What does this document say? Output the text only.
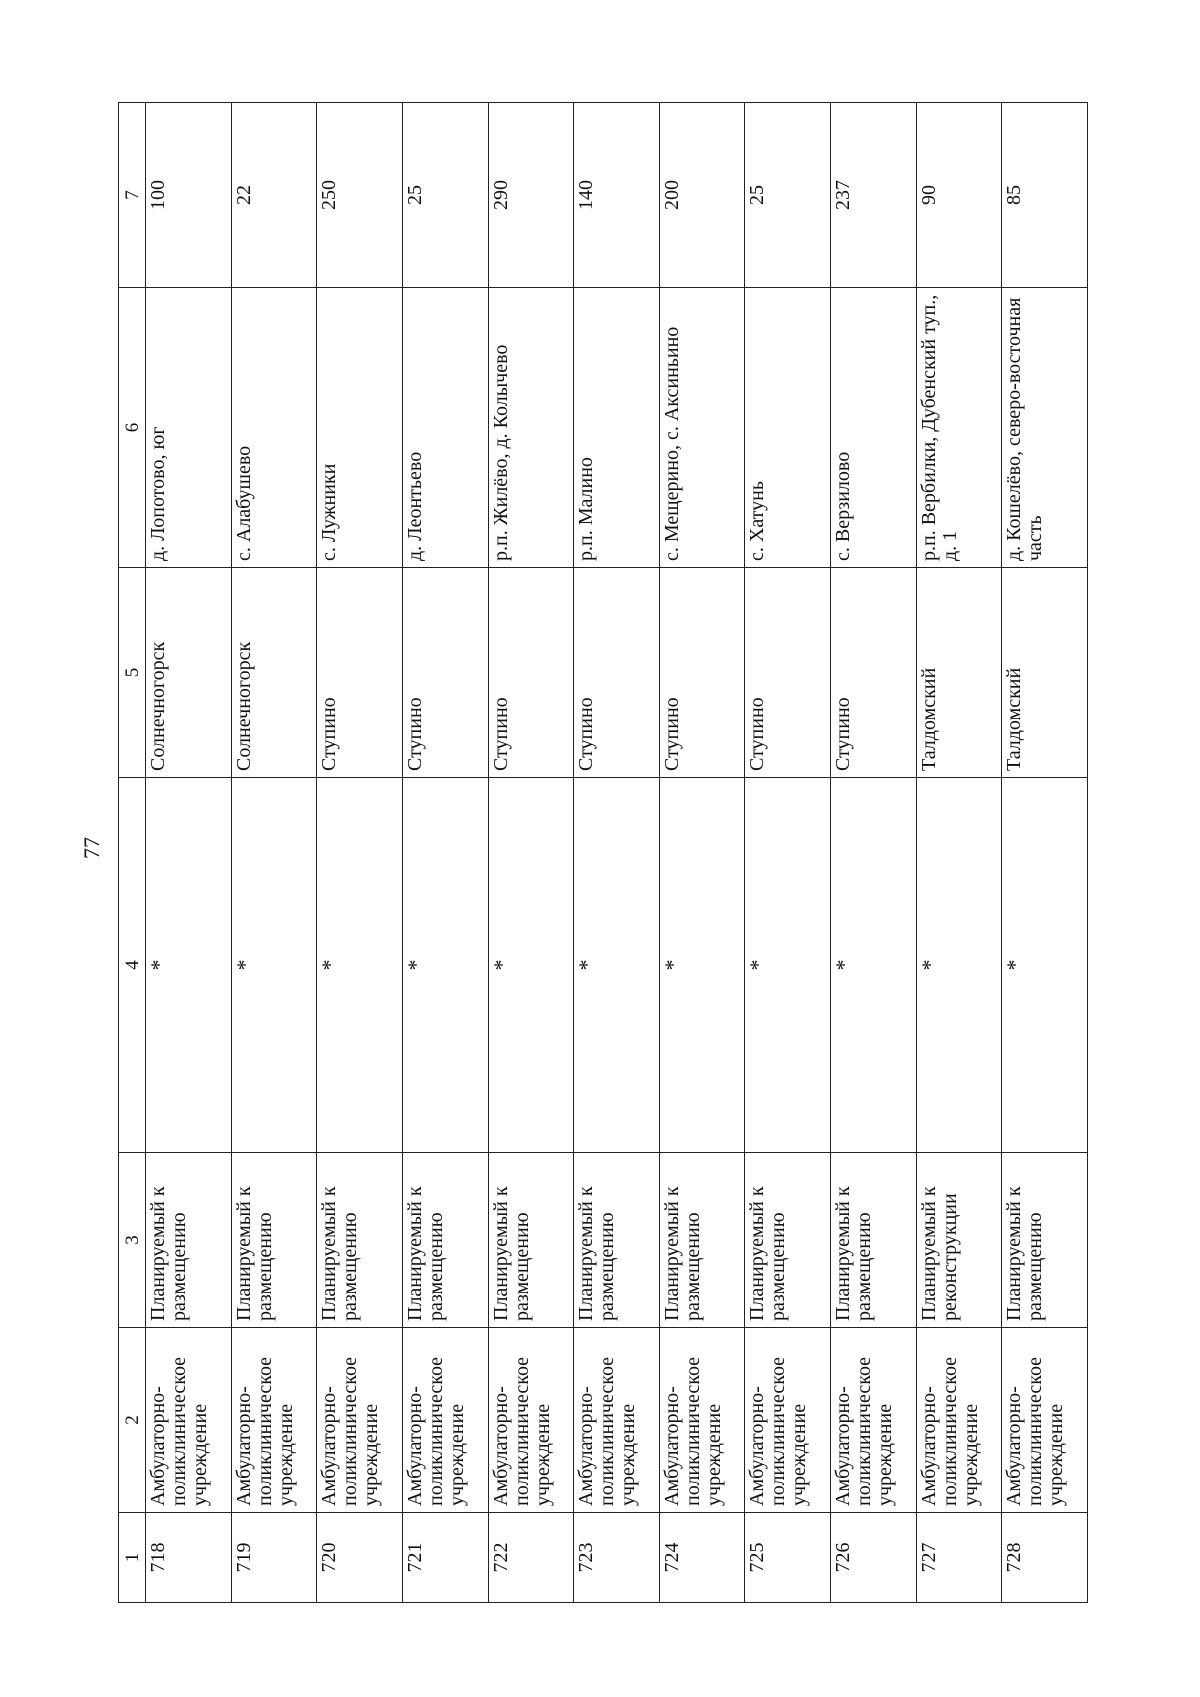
77
1	2	3	4	5	6	7
718	Амбулаторно-поликлиническое учреждение	Планируемый к размещению	*	Солнечногорск	д. Лопотово, юг	100
719	Амбулаторно-поликлиническое учреждение	Планируемый к размещению	*	Солнечногорск	с. Алабушево	22
720	Амбулаторно-поликлиническое учреждение	Планируемый к размещению	*	Ступино	с. Лужники	250
721	Амбулаторно-поликлиническое учреждение	Планируемый к размещению	*	Ступино	д. Леонтьево	25
722	Амбулаторно-поликлиническое учреждение	Планируемый к размещению	*	Ступино	р.п. Жилёво, д. Колычево	290
723	Амбулаторно-поликлиническое учреждение	Планируемый к размещению	*	Ступино	р.п. Малино	140
724	Амбулаторно-поликлиническое учреждение	Планируемый к размещению	*	Ступино	с. Мещерино, с. Аксиньино	200
725	Амбулаторно-поликлиническое учреждение	Планируемый к размещению	*	Ступино	с. Хатунь	25
726	Амбулаторно-поликлиническое учреждение	Планируемый к размещению	*	Ступино	с. Верзилово	237
727	Амбулаторно-поликлиническое учреждение	Планируемый к реконструкции	*	Талдомский	р.п. Вербилки, Дубенский туп., д. 1	90
728	Амбулаторно-поликлиническое учреждение	Планируемый к размещению	*	Талдомский	д. Кошелёво, северо-восточная часть	85
